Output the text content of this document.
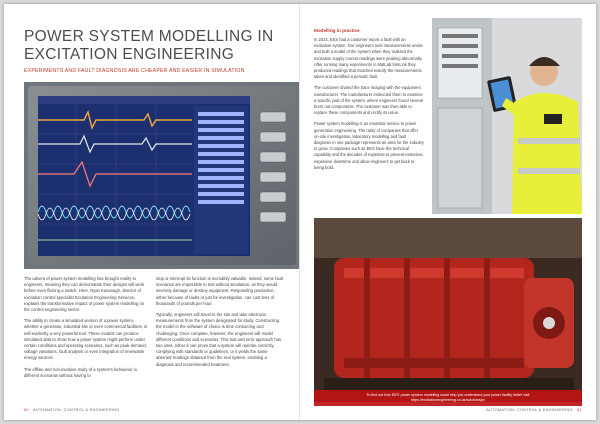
POWER SYSTEM MODELLING IN EXCITATION ENGINEERING
EXPERIMENTS AND FAULT DIAGNOSIS ARE CHEAPER AND EASIER IN SIMULATION

The advent of power system modelling has brought reality to engineers, meaning they can demonstrate their designs will work before even flicking a switch. Here, Ryan Kavanagh, director of excitation control specialist Excitation Engineering Services, explains the transformative impact of power system modelling on the control engineering sector.

The ability to create a simulated version of a power system, whether a generator, industrial site or even commercial facilities, is self-evidently a very powerful tool. These models can produce simulated data to show how a power system might perform under certain conditions and operating scenarios, such as peak demand, voltage variations, fault analysis or even integration of renewable energy sources.

The offline and non-invasive study of a system's behaviour in different scenarios without having to

stop or interrupt its function is incredibly valuable. Indeed, some fault scenarios are impossible to test without simulation, as they would severely damage or destroy equipment. Responding productive, either because of faults or just for investigation, can cost tens of thousands of pounds per hour.

Typically, engineers will travel to the site and take electronic measurements from the system designated for study. Constructing the model in the software of choice is time consuming and challenging. Once complete, however, the engineers will model different conditions and scenarios. This trial and error approach has two uses, either it can prove that a system will operate correctly, complying with standards or guidelines, or it yields the same aberrant readings obtained from the real system, enabling a diagnosis and recommended treatment.

60 AUTOMATION, CONTROL & ENGINEERING
Modelling in practice

In 2024, EES had a customer report a fault with an excitation system. Our engineers took measurements onsite and built a model of the system when they realised the excitation supply current readings were peaking abnormally. After running many experiments in MatLab SimLink they produced readings that matched exactly the measurements taken and identified a periodic fault.

The customer shared the trace imaging with the equipment manufacturer. The manufacturer instructed them to examine a specific part of the system, where engineers found several burnt out components. The customer was then able to replace these components and rectify its issue.

Power system modelling is an essential service to power generation engineering. The rarity of companies that offer on-site investigation, laboratory modelling and fault diagnosis in one package represents an area for the industry to grow. Companies such as EES have the technical capability and the decades of expertise to prevent extensive, expensive downtime and allow engineers to get back to being bold.

To find out how EES' power system modelling could help you understand your power facility better visit
https://excitationengineering.co.uk/solutions/pr
AUTOMATION, CONTROL & ENGINEERING 61
